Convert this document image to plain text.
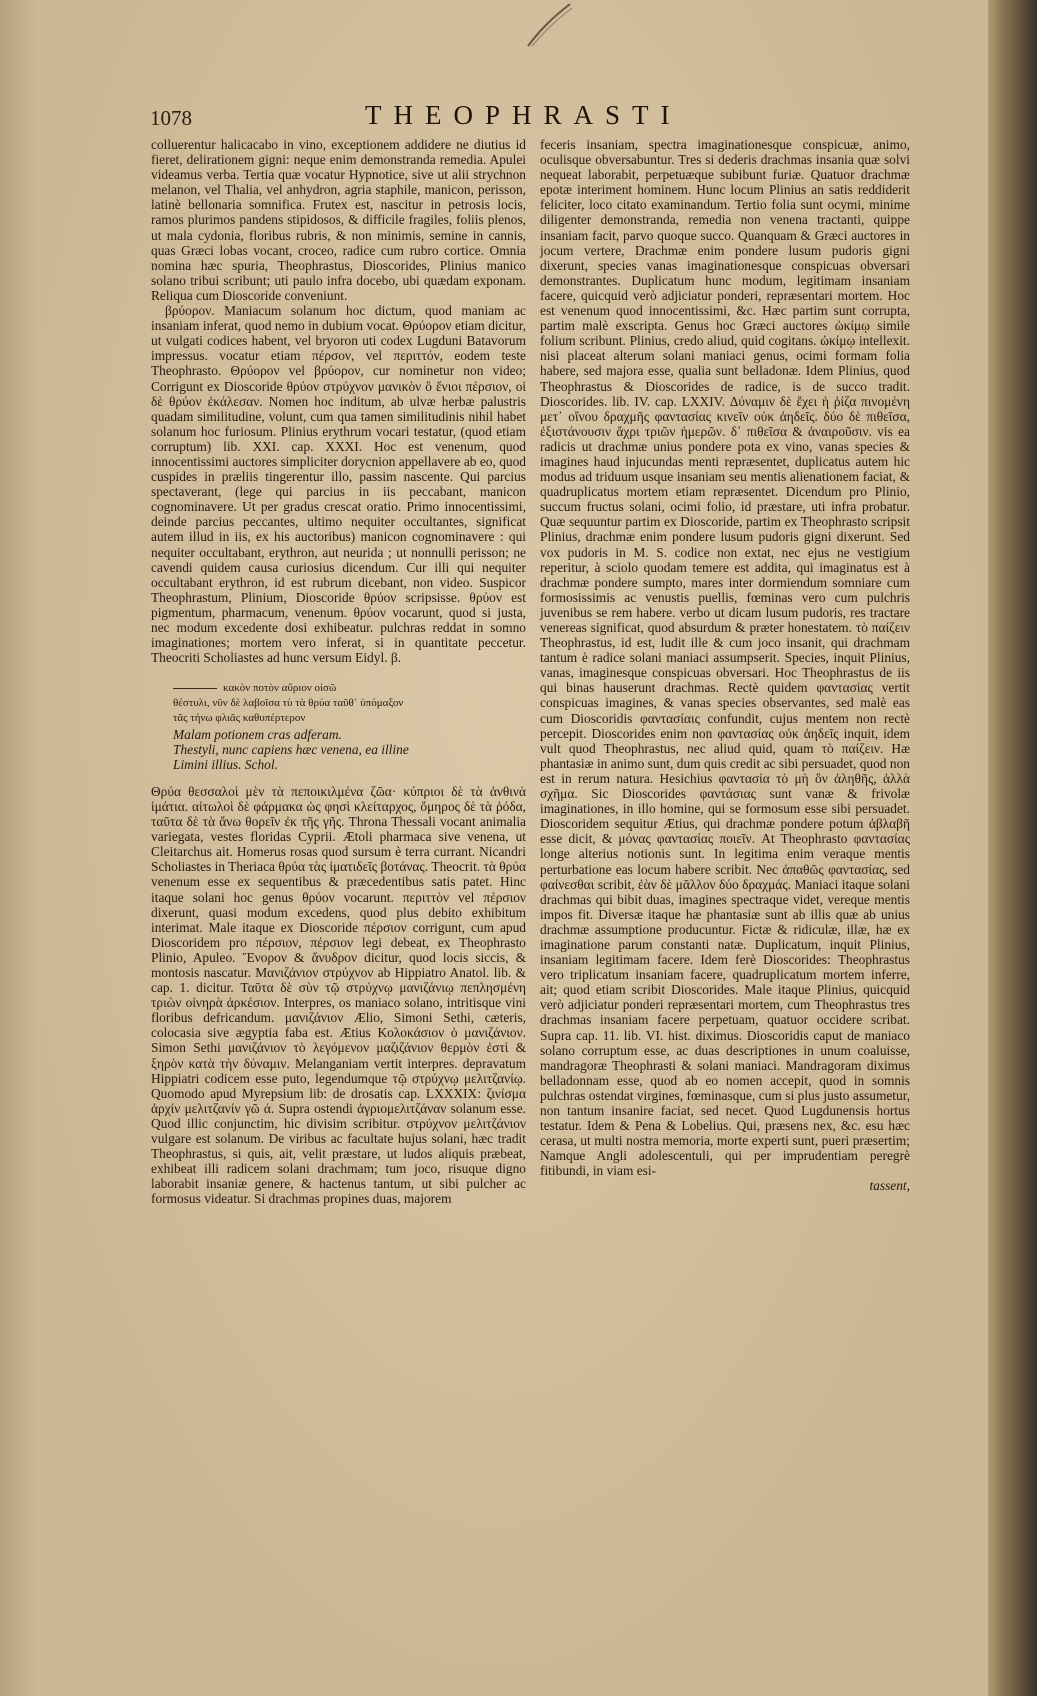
1078	THEOPHRASTI

colluerentur halicacabo in vino, exceptionem addidere ne diutius id fieret, delirationem gigni: neque enim demonstranda remedia. Apulei videamus verba. Tertia quæ vocatur Hypnotice, sive ut alii strychnon melanon, vel Thalia, vel anhydron, agria staphile, manicon, perisson, latinè bellonaria somnifica. Frutex est, nascitur in petrosis locis, ramos plurimos pandens stipidosos, & difficile fragiles, foliis plenos, ut mala cydonia, floribus rubris, & non minimis, semine in cannis, quas Græci lobas vocant, croceo, radice cum rubro cortice. Omnia nomina hæc spuria, Theophrastus, Dioscorides, Plinius manico solano tribui scribunt; uti paulo infra docebo, ubi quædam exponam. Reliqua cum Dioscoride conveniunt.

βρύορον. Maniacum solanum hoc dictum, quod maniam ac insaniam inferat, quod nemo in dubium vocat. Θρύορον etiam dicitur, ut vulgati codices habent, vel bryoron uti codex Lugduni Batavorum impressus. vocatur etiam πέρσον, vel περιττόν, eodem teste Theophrasto. Θρύορον vel βρύορον, cur nominetur non video; Corrigunt ex Dioscoride θρύον στρύχνον μανικὸν ὃ ἔνιοι πέρσιον, οἱ δὲ θρύον ἐκάλεσαν. Nomen hoc inditum, ab ulvæ herbæ palustris quadam similitudine, volunt, cum qua tamen similitudinis nihil habet solanum hoc furiosum. Plinius erythrum vocari testatur, (quod etiam corruptum) lib. XXI. cap. XXXI. Hoc est venenum, quod innocentissimi auctores simpliciter dorycnion appellavere ab eo, quod cuspides in præliis tingerentur illo, passim nascente. Qui parcius spectaverant, (lege qui parcius in iis peccabant, manicon cognominavere. Ut per gradus crescat oratio. Primo innocentissimi, deinde parcius peccantes, ultimo nequiter occultantes, significat autem illud in iis, ex his auctoribus) manicon cognominavere : qui nequiter occultabant, erythron, aut neurida ; ut nonnulli perisson; ne cavendi quidem causa curiosius dicendum. Cur illi qui nequiter occultabant erythron, id est rubrum dicebant, non video. Suspicor Theophrastum, Plinium, Dioscoride θρύον scripsisse. θρύον est pigmentum, pharmacum, venenum. θρύον vocarunt, quod si justa, nec modum excedente dosi exhibeatur. pulchras reddat in somno imaginationes; mortem vero inferat, si in quantitate peccetur. Theocriti Scholiastes ad hunc versum Eidyl. β.

κακὸν ποτὸν αὔριον οἰσῶ
θέστυλι, νῦν δὲ λαβοῖσα τὺ τὰ θρύα ταῦθ᾽ ὑπόμαξον
τᾶς τήνω φλιᾶς καθυπέρτερον
Malam potionem cras adferam.
Thestyli, nunc capiens hæc venena, ea illine
Limini illius. Schol.

Θρύα θεσσαλοὶ μὲν τὰ πεποικιλμένα ζῶα· κύπριοι δὲ τὰ ἀνθινὰ ἱμάτια. αἰτωλοὶ δὲ φάρμακα ὡς φησὶ κλείταρχος, ὅμηρος δὲ τὰ ῥόδα, ταῦτα δὲ τὰ ἄνω θορεῖν ἐκ τῆς γῆς. Throna Thessali vocant animalia variegata, vestes floridas Cyprii. Ætoli pharmaca sive venena, ut Cleitarchus ait. Homerus rosas quod sursum è terra currant. Nicandri Scholiastes in Theriaca θρύα τὰς ἱματιδεῖς βοτάνας. Theocrit. τὰ θρύα venenum esse ex sequentibus & præcedentibus satis patet. Hinc itaque solani hoc genus θρύον vocarunt. περιττὸν vel πέρσιον dixerunt, quasi modum excedens, quod plus debito exhibitum interimat. Male itaque ex Dioscoride πέρσιον corrigunt, cum apud Dioscoridem pro πέρσιον, πέρσιον legi debeat, ex Theophrasto Plinio, Apuleo. Ἔνορον & ἄνυδρον dicitur, quod locis siccis, & montosis nascatur. Μανιζάνιον στρύχνον ab Hippiatro Anatol. lib. & cap. 1. dicitur. Ταῦτα δὲ σὺν τῷ στρύχνῳ μανιζάνιῳ πεπλησμένη τριὼν οἰνηρὰ ἀρκέσιον. Interpres, os maniaco solano, intritisque vini floribus defricandum. μανιζάνιον Ælio, Simoni Sethi, cæteris, colocasia sive ægyptia faba est. Ætius Κολοκάσιον ὁ μανιζάνιον. Simon Sethi μανιζάνιον τὸ λεγόμενον μαζιζάνιον θερμὸν ἐστὶ & ξηρὸν κατὰ τὴν δύναμιν. Melanganiam vertit interpres. depravatum Hippiatri codicem esse puto, legendumque τῷ στρύχνῳ μελιτζανίῳ. Quomodo apud Myrepsium lib: de drosatis cap. LXXXIX: ζινίσμα ἀρχίν μελιτζανίν γῶ ά. Supra ostendi ἀγριομελιτζάναν solanum esse. Quod illic conjunctim, hic divisim scribitur. στρύχνον μελιτζάνιον vulgare est solanum. De viribus ac facultate hujus solani, hæc tradit Theophrastus, si quis, ait, velit præstare, ut ludos aliquis præbeat, exhibeat illi radicem solani drachmam; tum joco, risuque digno laborabit insaniæ genere, & hactenus tantum, ut sibi pulcher ac formosus videatur. Si drachmas propines duas, majorem

feceris insaniam, spectra imaginationesque conspicuæ, animo, oculisque obversabuntur. Tres si dederis drachmas insania quæ solvi nequeat laborabit, perpetuæque subibunt furiæ. Quatuor drachmæ epotæ interiment hominem. Hunc locum Plinius an satis reddiderit feliciter, loco citato examinandum. Tertio folia sunt ocymi, minime diligenter demonstranda, remedia non venena tractanti, quippe insaniam facit, parvo quoque succo. Quanquam & Græci auctores in jocum vertere, Drachmæ enim pondere lusum pudoris gigni dixerunt, species vanas imaginationesque conspicuas obversari demonstrantes. Duplicatum hunc modum, legitimam insaniam facere, quicquid verò adjiciatur ponderi, repræsentari mortem. Hoc est venenum quod innocentissimi, &c. Hæc partim sunt corrupta, partim malè exscripta. Genus hoc Græci auctores ὠκίμῳ simile folium scribunt. Plinius, credo aliud, quid cogitans. ὠκίμῳ intellexit. nisi placeat alterum solani maniaci genus, ocimi formam folia habere, sed majora esse, qualia sunt belladonæ. Idem Plinius, quod Theophrastus & Dioscorides de radice, is de succo tradit. Dioscorides. lib. IV. cap. LXXIV. Δύναμιν δὲ ἔχει ἡ ῥίζα πινομένη μετ᾽ οἴνου δραχμῆς φαντασίας κινεῖν οὐκ ἀηδεῖς. δύο δὲ πιθεῖσα, ἐξιστάνουσιν ἄχρι τριῶν ἡμερῶν. δ᾽ πιθεῖσα & ἀναιροῦσιν. vis ea radicis ut drachmæ unius pondere pota ex vino, vanas species & imagines haud injucundas menti repræsentet, duplicatus autem hic modus ad triduum usque insaniam seu mentis alienationem faciat, & quadruplicatus mortem etiam repræsentet. Dicendum pro Plinio, succum fructus solani, ocimi folio, id præstare, uti infra probatur. Quæ sequuntur partim ex Dioscoride, partim ex Theophrasto scripsit Plinius, drachmæ enim pondere lusum pudoris gigni dixerunt. Sed vox pudoris in M. S. codice non extat, nec ejus ne vestigium reperitur, à sciolo quodam temere est addita, qui imaginatus est à drachmæ pondere sumpto, mares inter dormiendum somniare cum formosissimis ac venustis puellis, fœminas vero cum pulchris juvenibus se rem habere. verbo ut dicam lusum pudoris, res tractare venereas significat, quod absurdum & præter honestatem. τὸ παίζειν Theophrastus, id est, ludit ille & cum joco insanit, qui drachmam tantum è radice solani maniaci assumpserit. Species, inquit Plinius, vanas, imaginesque conspicuas obversari. Hoc Theophrastus de iis qui binas hauserunt drachmas. Rectè quidem φαντασίας vertit conspicuas imagines, & vanas species observantes, sed malè eas cum Dioscoridis φαντασίαις confundit, cujus mentem non rectè percepit. Dioscorides enim non φαντασίας οὐκ ἀηδεῖς inquit, idem vult quod Theophrastus, nec aliud quid, quam τὸ παίζειν. Hæ phantasiæ in animo sunt, dum quis credit ac sibi persuadet, quod non est in rerum natura. Hesichius φαντασία τὸ μὴ ὂν ἀληθῆς, ἀλλὰ σχῆμα. Sic Dioscorides φαντάσιας sunt vanæ & frivolæ imaginationes, in illo homine, qui se formosum esse sibi persuadet. Dioscoridem sequitur Ætius, qui drachmæ pondere potum ἀβλαβῆ esse dicit, & μόνας φαντασίας ποιεῖν. At Theophrasto φαντασίας longe alterius notionis sunt. In legitima enim veraque mentis perturbatione eas locum habere scribit. Nec ἀπαθῶς φαντασίας, sed φαίνεσθαι scribit, ἐὰν δὲ μᾶλλον δύο δραχμάς. Maniaci itaque solani drachmas qui bibit duas, imagines spectraque videt, vereque mentis impos fit. Diversæ itaque hæ phantasiæ sunt ab illis quæ ab unius drachmæ assumptione producuntur. Fictæ & ridiculæ, illæ, hæ ex imaginatione parum constanti natæ. Duplicatum, inquit Plinius, insaniam legitimam facere. Idem ferè Dioscorides: Theophrastus vero triplicatum insaniam facere, quadruplicatum mortem inferre, ait; quod etiam scribit Dioscorides. Male itaque Plinius, quicquid verò adjiciatur ponderi repræsentari mortem, cum Theophrastus tres drachmas insaniam facere perpetuam, quatuor occidere scribat. Supra cap. 11. lib. VI. hist. diximus. Dioscoridis caput de maniaco solano corruptum esse, ac duas descriptiones in unum coaluisse, mandragoræ Theophrasti & solani maniaci. Mandragoram diximus belladonnam esse, quod ab eo nomen accepit, quod in somnis pulchras ostendat virgines, fœminasque, cum si plus justo assumetur, non tantum insanire faciat, sed necet. Quod Lugdunensis hortus testatur. Idem & Pena & Lobelius. Qui, præsens nex, &c. esu hæc cerasa, ut multi nostra memoria, morte experti sunt, pueri præsertim; Namque Angli adolescentuli, qui per imprudentiam peregrè fitibundi, in viam esi-

tassent,
